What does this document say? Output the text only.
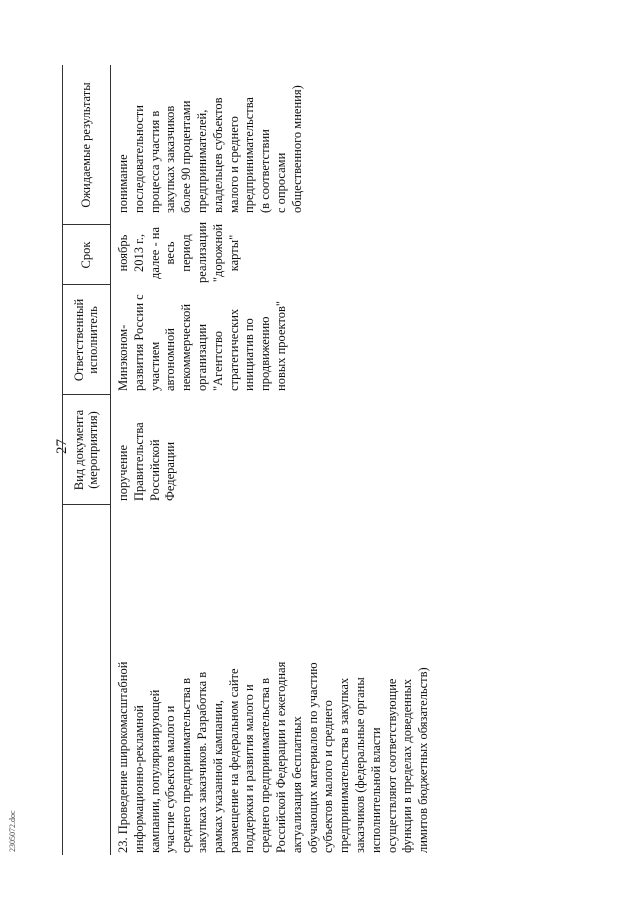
27
Вид документа
(мероприятия)
Ответственный
исполнитель
Срок
Ожидаемые результаты
23. Проведение широкомасштабной
информационно-рекламной
кампании, популяризирующей
участие субъектов малого и
среднего предпринимательства в
закупках заказчиков. Разработка в
рамках указанной кампании,
размещение на федеральном сайте
поддержки и развития малого и
среднего предпринимательства в
Российской Федерации и ежегодная
актуализация бесплатных
обучающих материалов по участию
субъектов малого и среднего
предпринимательства в закупках
заказчиков (федеральные органы
исполнительной власти
осуществляют соответствующие
функции в пределах доведенных
лимитов бюджетных обязательств)
поручение
Правительства
Российской
Федерации
Минэконом-
развития России с
участием
автономной
некоммерческой
организации
"Агентство
стратегических
инициатив по
продвижению
новых проектов"
ноябрь
2013 г.,
далее - на
весь период
реализации
"дорожной
карты"
понимание
последовательности
процесса участия в
закупках заказчиков
более 90 процентами
предпринимателей,
владельцев субъектов
малого и среднего
предпринимательства
(в соответствии
с опросами
общественного мнения)
2305072.doc
